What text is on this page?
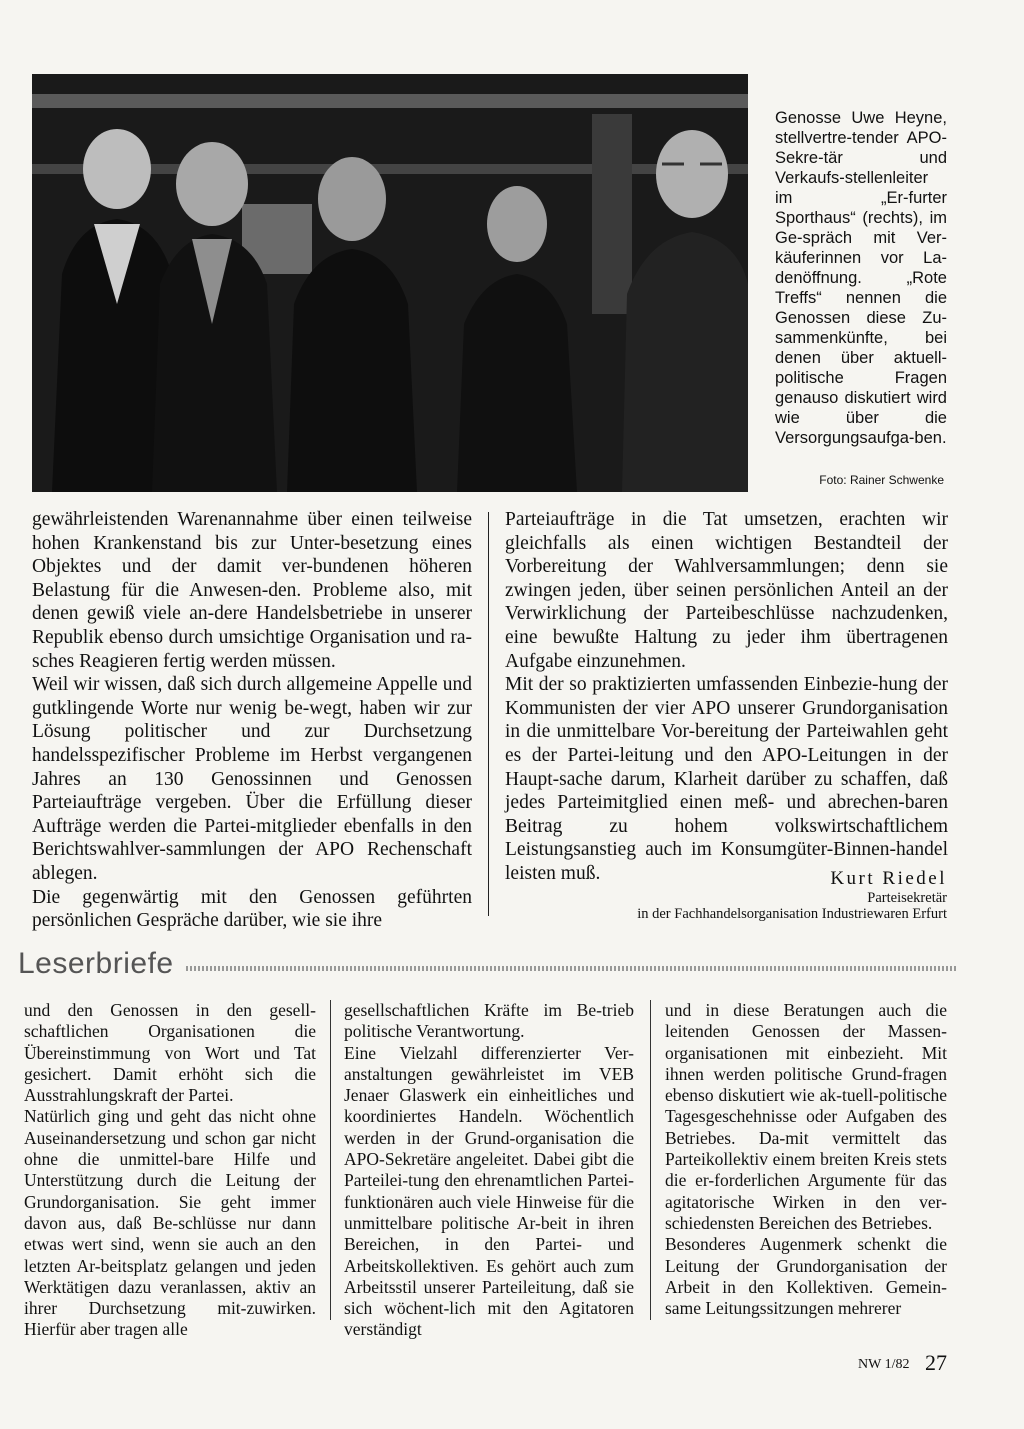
Genosse Uwe Heyne, stellvertre-tender APO-Sekre-tär und Verkaufs-stellenleiter im „Er-furter Sporthaus“ (rechts), im Ge-spräch mit Ver-käuferinnen vor La-denöffnung. „Rote Treffs“ nennen die Genossen diese Zu-sammenkünfte, bei denen über aktuell-politische Fragen genauso diskutiert wird wie über die Versorgungsaufga-ben.

Foto: Rainer Schwenke

gewährleistenden Warenannahme über einen teilweise hohen Krankenstand bis zur Unter-besetzung eines Objektes und der damit ver-bundenen höheren Belastung für die Anwesen-den. Probleme also, mit denen gewiß viele an-dere Handelsbetriebe in unserer Republik ebenso durch umsichtige Organisation und ra-sches Reagieren fertig werden müssen.

Weil wir wissen, daß sich durch allgemeine Appelle und gutklingende Worte nur wenig be-wegt, haben wir zur Lösung politischer und zur Durchsetzung handelsspezifischer Probleme im Herbst vergangenen Jahres an 130 Genossinnen und Genossen Parteiaufträge vergeben. Über die Erfüllung dieser Aufträge werden die Partei-mitglieder ebenfalls in den Berichtswahlver-sammlungen der APO Rechenschaft ablegen.

Die gegenwärtig mit den Genossen geführten persönlichen Gespräche darüber, wie sie ihre

Parteiaufträge in die Tat umsetzen, erachten wir gleichfalls als einen wichtigen Bestandteil der Vorbereitung der Wahlversammlungen; denn sie zwingen jeden, über seinen persönlichen Anteil an der Verwirklichung der Parteibeschlüsse nachzudenken, eine bewußte Haltung zu jeder ihm übertragenen Aufgabe einzunehmen.

Mit der so praktizierten umfassenden Einbezie-hung der Kommunisten der vier APO unserer Grundorganisation in die unmittelbare Vor-bereitung der Parteiwahlen geht es der Partei-leitung und den APO-Leitungen in der Haupt-sache darum, Klarheit darüber zu schaffen, daß jedes Parteimitglied einen meß- und abrechen-baren Beitrag zu hohem volkswirtschaftlichem Leistungsanstieg auch im Konsumgüter-Binnen-handel leisten muß.	Kurt Riedel
Parteisekretär
in der Fachhandelsorganisation Industriewaren Erfurt
Leserbriefe

und den Genossen in den gesell-schaftlichen Organisationen die Übereinstimmung von Wort und Tat gesichert. Damit erhöht sich die Ausstrahlungskraft der Partei.

Natürlich ging und geht das nicht ohne Auseinandersetzung und schon gar nicht ohne die unmittel-bare Hilfe und Unterstützung durch die Leitung der Grundorganisation. Sie geht immer davon aus, daß Be-schlüsse nur dann etwas wert sind, wenn sie auch an den letzten Ar-beitsplatz gelangen und jeden Werktätigen dazu veranlassen, aktiv an ihrer Durchsetzung mit-zuwirken. Hierfür aber tragen alle

gesellschaftlichen Kräfte im Be-trieb politische Verantwortung.

Eine Vielzahl differenzierter Ver-anstaltungen gewährleistet im VEB Jenaer Glaswerk ein einheitliches und koordiniertes Handeln. Wöchentlich werden in der Grund-organisation die APO-Sekretäre angeleitet. Dabei gibt die Parteilei-tung den ehrenamtlichen Partei-funktionären auch viele Hinweise für die unmittelbare politische Ar-beit in ihren Bereichen, in den Partei- und Arbeitskollektiven. Es gehört auch zum Arbeitsstil unserer Parteileitung, daß sie sich wöchent-lich mit den Agitatoren verständigt

und in diese Beratungen auch die leitenden Genossen der Massen-organisationen mit einbezieht. Mit ihnen werden politische Grund-fragen ebenso diskutiert wie ak-tuell-politische Tagesgeschehnisse oder Aufgaben des Betriebes. Da-mit vermittelt das Parteikollektiv einem breiten Kreis stets die er-forderlichen Argumente für das agitatorische Wirken in den ver-schiedensten Bereichen des Betriebes.

Besonderes Augenmerk schenkt die Leitung der Grundorganisation der Arbeit in den Kollektiven. Gemein-same Leitungssitzungen mehrerer

NW 1/82 27
